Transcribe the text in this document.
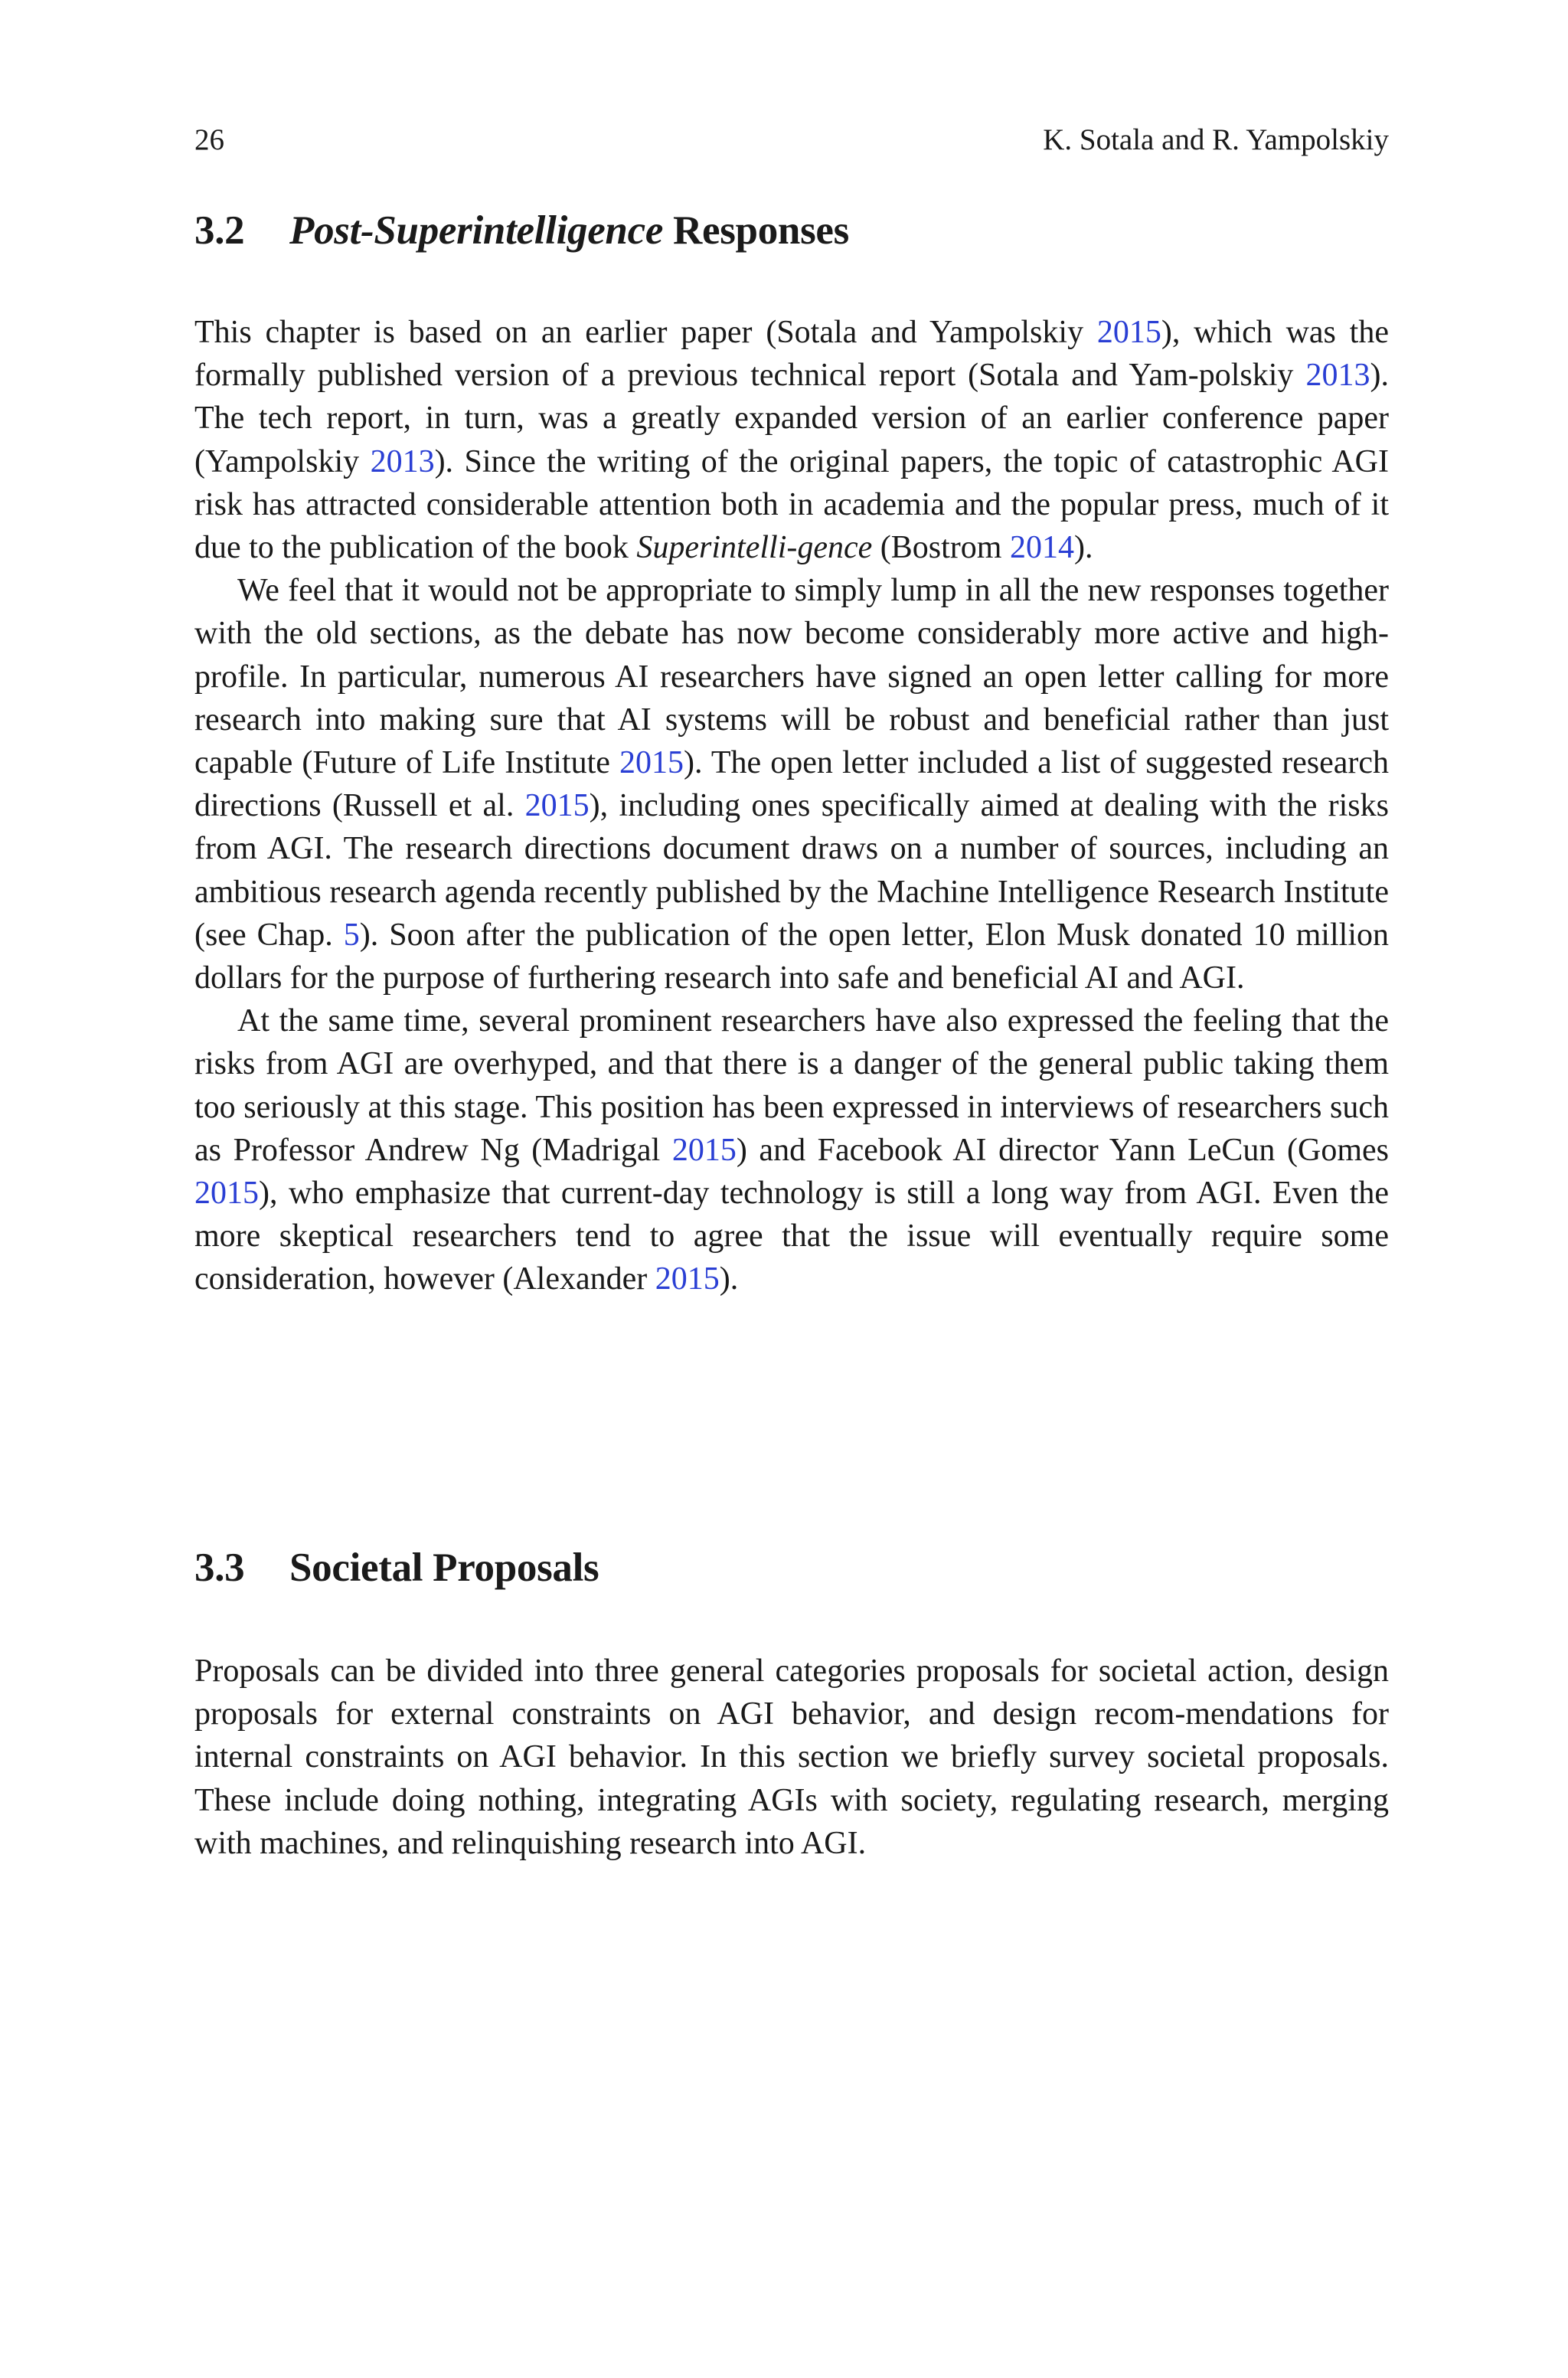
26	K. Sotala and R. Yampolskiy
3.2 Post-Superintelligence Responses

This chapter is based on an earlier paper (Sotala and Yampolskiy 2015), which was the formally published version of a previous technical report (Sotala and Yam-polskiy 2013). The tech report, in turn, was a greatly expanded version of an earlier conference paper (Yampolskiy 2013). Since the writing of the original papers, the topic of catastrophic AGI risk has attracted considerable attention both in academia and the popular press, much of it due to the publication of the book Superintelli-gence (Bostrom 2014).

We feel that it would not be appropriate to simply lump in all the new responses together with the old sections, as the debate has now become considerably more active and high-profile. In particular, numerous AI researchers have signed an open letter calling for more research into making sure that AI systems will be robust and beneficial rather than just capable (Future of Life Institute 2015). The open letter included a list of suggested research directions (Russell et al. 2015), including ones specifically aimed at dealing with the risks from AGI. The research directions document draws on a number of sources, including an ambitious research agenda recently published by the Machine Intelligence Research Institute (see Chap. 5). Soon after the publication of the open letter, Elon Musk donated 10 million dollars for the purpose of furthering research into safe and beneficial AI and AGI.

At the same time, several prominent researchers have also expressed the feeling that the risks from AGI are overhyped, and that there is a danger of the general public taking them too seriously at this stage. This position has been expressed in interviews of researchers such as Professor Andrew Ng (Madrigal 2015) and Facebook AI director Yann LeCun (Gomes 2015), who emphasize that current-day technology is still a long way from AGI. Even the more skeptical researchers tend to agree that the issue will eventually require some consideration, however (Alexander 2015).

3.3 Societal Proposals

Proposals can be divided into three general categories proposals for societal action, design proposals for external constraints on AGI behavior, and design recom-mendations for internal constraints on AGI behavior. In this section we briefly survey societal proposals. These include doing nothing, integrating AGIs with society, regulating research, merging with machines, and relinquishing research into AGI.
